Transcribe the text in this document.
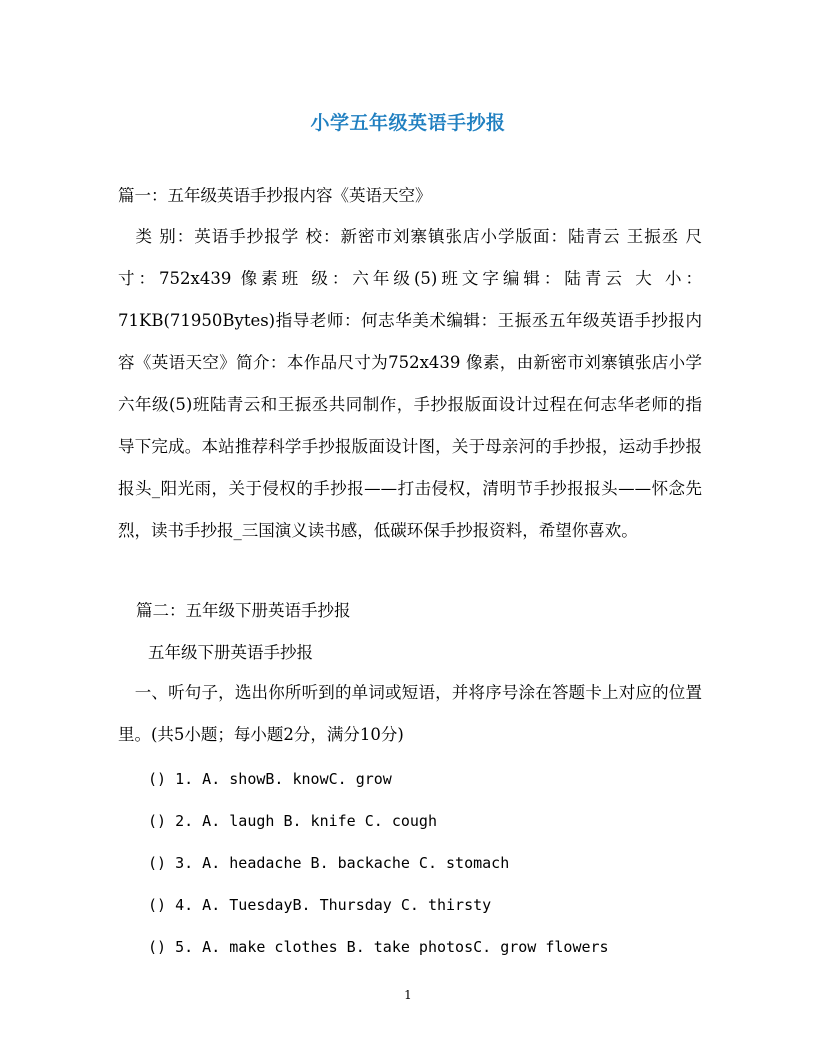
小学五年级英语手抄报
篇一：五年级英语手抄报内容《英语天空》
　类 别：英语手抄报学 校：新密市刘寨镇张店小学版面：陆青云 王振丞 尺 寸：752x439 像素班 级：六年级(5)班文字编辑：陆青云 大 小：71KB(71950Bytes)指导老师：何志华美术编辑：王振丞五年级英语手抄报内容《英语天空》简介：本作品尺寸为752x439 像素，由新密市刘寨镇张店小学六年级(5)班陆青云和王振丞共同制作，手抄报版面设计过程在何志华老师的指导下完成。本站推荐科学手抄报版面设计图，关于母亲河的手抄报，运动手抄报报头_阳光雨，关于侵权的手抄报——打击侵权，清明节手抄报报头——怀念先烈，读书手抄报_三国演义读书感，低碳环保手抄报资料，希望你喜欢。
篇二：五年级下册英语手抄报
五年级下册英语手抄报
　一、听句子，选出你所听到的单词或短语，并将序号涂在答题卡上对应的位置里。(共5小题；每小题2分，满分10分)
() 1. A. showB. knowC. grow
() 2. A. laugh B. knife C. cough
() 3. A. headache B. backache C. stomach
() 4. A. TuesdayB. Thursday C. thirsty
() 5. A. make clothes B. take photosC. grow flowers
1
